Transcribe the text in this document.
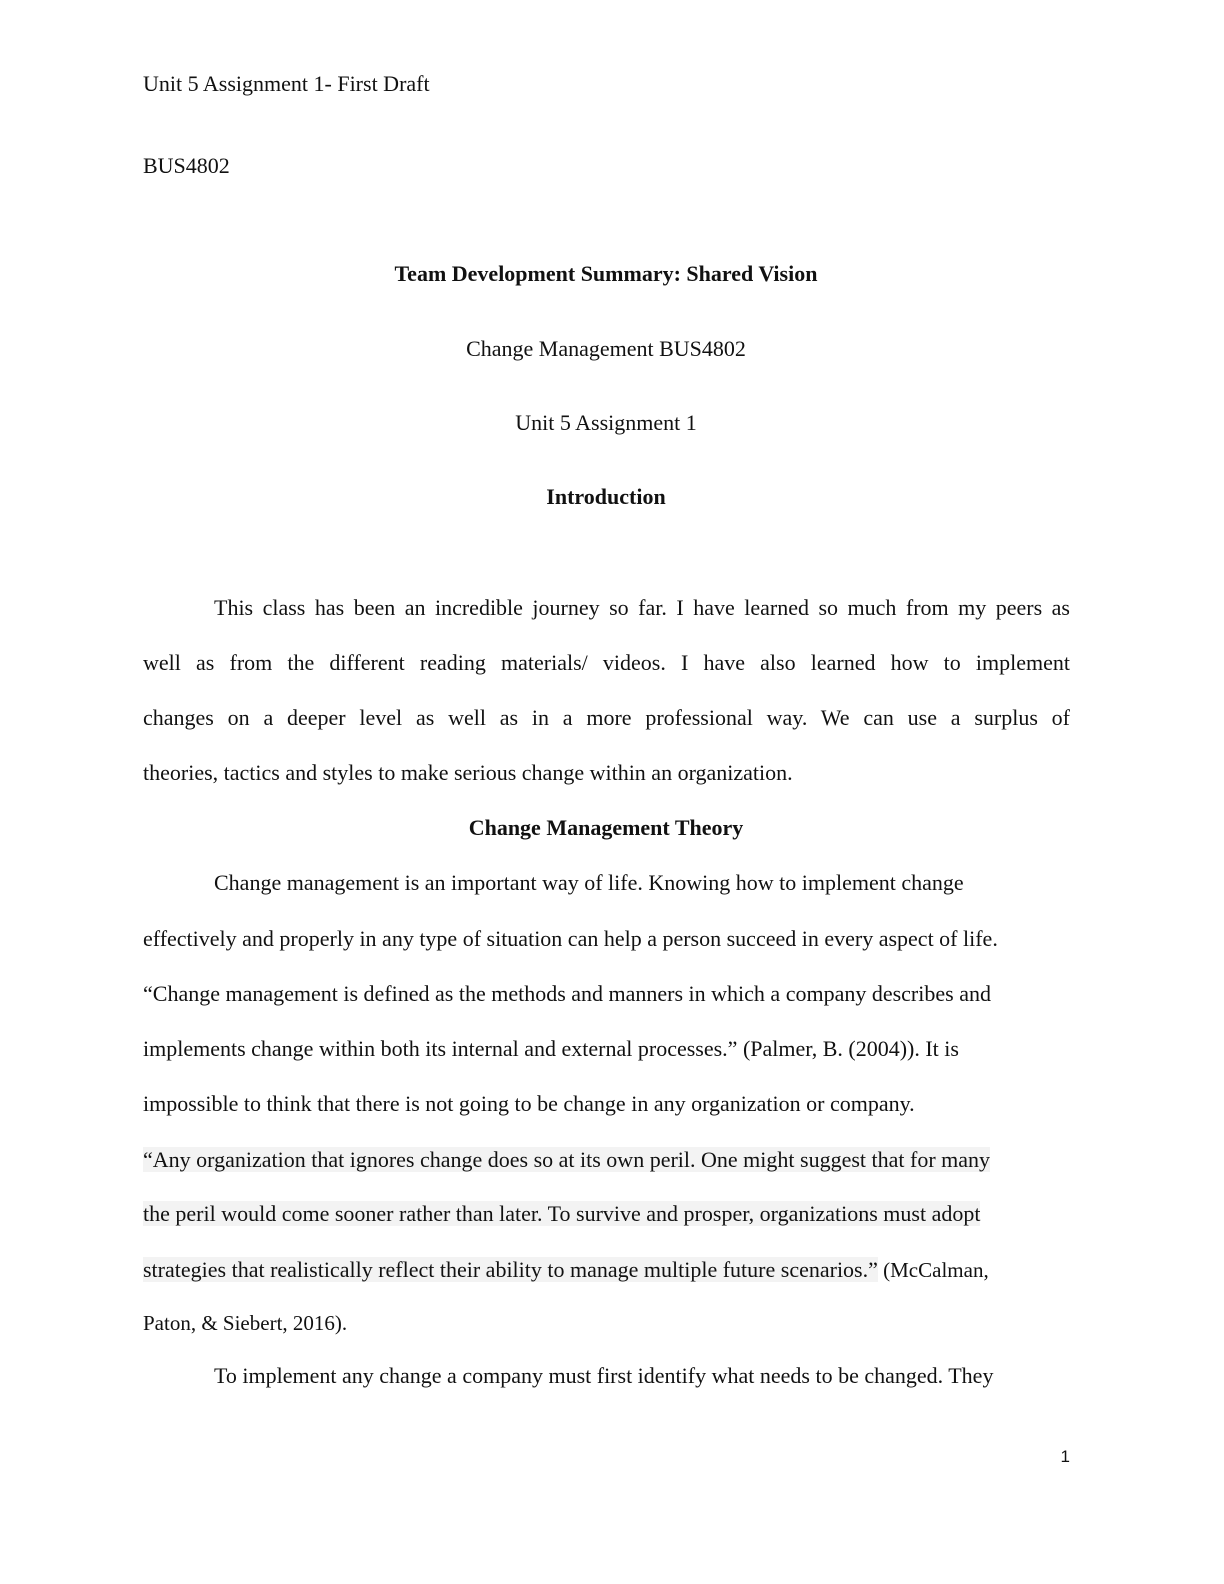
Unit 5 Assignment 1- First Draft
BUS4802
Team Development Summary: Shared Vision
Change Management BUS4802
Unit 5 Assignment 1
Introduction
This class has been an incredible journey so far. I have learned so much from my peers as
well as from the different reading materials/ videos. I have also learned how to implement
changes on a deeper level as well as in a more professional way. We can use a surplus of
theories, tactics and styles to make serious change within an organization.
Change Management Theory
Change management is an important way of life. Knowing how to implement change
effectively and properly in any type of situation can help a person succeed in every aspect of life.
“Change management is defined as the methods and manners in which a company describes and
implements change within both its internal and external processes.” (Palmer, B. (2004)). It is
impossible to think that there is not going to be change in any organization or company.
“Any organization that ignores change does so at its own peril. One might suggest that for many
the peril would come sooner rather than later. To survive and prosper, organizations must adopt
strategies that realistically reflect their ability to manage multiple future scenarios.” (McCalman,
Paton, & Siebert, 2016).
To implement any change a company must first identify what needs to be changed. They
1
